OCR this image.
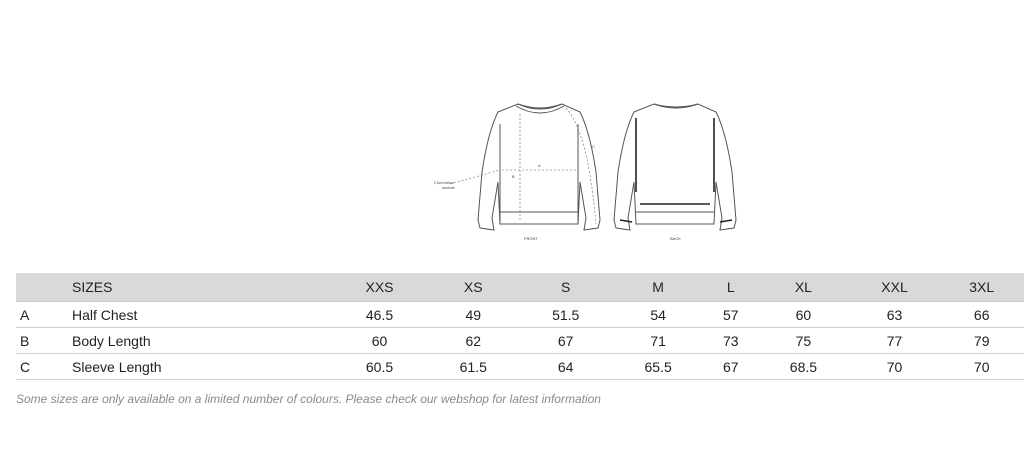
A
B
C
2,5cm below
armhole
FRONT	BACK
	SIZES	XXS	XS	S	M	L	XL	XXL	3XL
A	Half Chest	46.5	49	51.5	54	57	60	63	66
B	Body Length	60	62	67	71	73	75	77	79
C	Sleeve Length	60.5	61.5	64	65.5	67	68.5	70	70
Some sizes are only available on a limited number of colours. Please check our webshop for latest information
